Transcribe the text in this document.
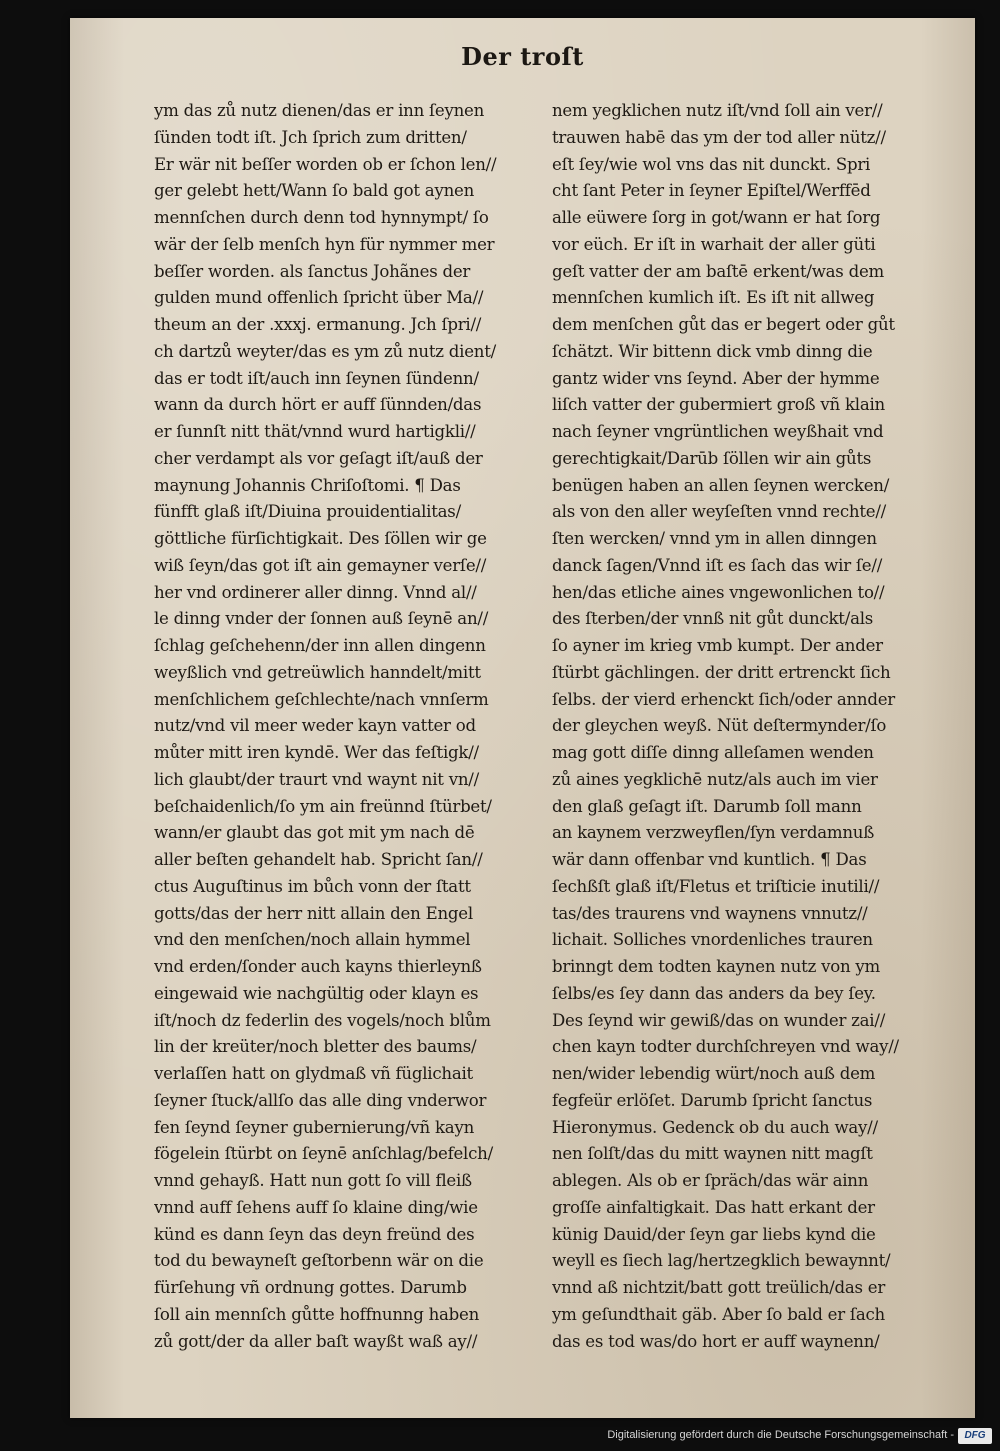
Der troſt
ym das zů nutz dienen/das er inn ſeynen
ſünden todt iſt. Jch ſprich zum dritten/
Er wär nit beſſer worden ob er ſchon len//
ger gelebt hett/Wann ſo bald got aynen
mennſchen durch denn tod hynnympt/ ſo
wär der ſelb menſch hyn für nymmer mer
beſſer worden. als ſanctus Johãnes der
gulden mund offenlich ſpricht über Ma//
theum an der .xxxj. ermanung. Jch ſpri//
ch dartzů weyter/das es ym zů nutz dient/
das er todt iſt/auch inn ſeynen ſündenn/
wann da durch hört er auff ſünnden/das
er ſunnſt nitt thät/vnnd wurd hartigkli//
cher verdampt als vor geſagt iſt/auß der
maynung Johannis Chriſoſtomi. ¶ Das
fünfft glaß iſt/Diuina prouidentialitas/
göttliche fürſichtigkait. Des ſöllen wir ge
wiß ſeyn/das got iſt ain gemayner verſe//
her vnd ordinerer aller dinng. Vnnd al//
le dinng vnder der ſonnen auß ſeynē an//
ſchlag geſchehenn/der inn allen dingenn
weyßlich vnd getreüwlich hanndelt/mitt
menſchlichem geſchlechte/nach vnnſerm
nutz/vnd vil meer weder kayn vatter od
můter mitt iren kyndē. Wer das feſtigk//
lich glaubt/der traurt vnd waynt nit vn//
beſchaidenlich/ſo ym ain freünnd ſtürbet/
wann/er glaubt das got mit ym nach dē
aller beſten gehandelt hab. Spricht ſan//
ctus Auguſtinus im bůch vonn der ſtatt
gotts/das der herr nitt allain den Engel
vnd den menſchen/noch allain hymmel
vnd erden/ſonder auch kayns thierleynß
eingewaid wie nachgültig oder klayn es
iſt/noch dz federlin des vogels/noch blům
lin der kreüter/noch bletter des baums/
verlaſſen hatt on glydmaß vñ füglichait
ſeyner ſtuck/allſo das alle ding vnderwor
fen ſeynd ſeyner gubernierung/vñ kayn
fögelein ſtürbt on ſeynē anſchlag/befelch/
vnnd gehayß. Hatt nun gott ſo vill fleiß
vnnd auff ſehens auff ſo klaine ding/wie
künd es dann ſeyn das deyn freünd des
tod du bewayneſt geſtorbenn wär on die
fürſehung vñ ordnung gottes. Darumb
ſoll ain mennſch gůtte hoffnunng haben
zů gott/der da aller baſt wayßt waß ay//
nem yegklichen nutz iſt/vnd ſoll ain ver//
trauwen habē das ym der tod aller nütz//
eſt ſey/wie wol vns das nit dunckt. Spri
cht ſant Peter in ſeyner Epiſtel/Werffēd
alle eüwere ſorg in got/wann er hat ſorg
vor eüch. Er iſt in warhait der aller güti
geſt vatter der am baſtē erkent/was dem
mennſchen kumlich iſt. Es iſt nit allweg
dem menſchen gůt das er begert oder gůt
ſchätzt. Wir bittenn dick vmb dinng die
gantz wider vns ſeynd. Aber der hymme
liſch vatter der gubermiert groß vñ klain
nach ſeyner vngrüntlichen weyßhait vnd
gerechtigkait/Darūb ſöllen wir ain gůts
benügen haben an allen ſeynen wercken/
als von den aller weyſeſten vnnd rechte//
ſten wercken/ vnnd ym in allen dinngen
danck ſagen/Vnnd iſt es ſach das wir ſe//
hen/das etliche aines vngewonlichen to//
des ſterben/der vnnß nit gůt dunckt/als
ſo ayner im krieg vmb kumpt. Der ander
ſtürbt gächlingen. der dritt ertrenckt ſich
ſelbs. der vierd erhenckt ſich/oder annder
der gleychen weyß. Nüt deſtermynder/ſo
mag gott diſſe dinng alleſamen wenden
zů aines yegklichē nutz/als auch im vier
den glaß geſagt iſt. Darumb ſoll mann
an kaynem verzweyflen/ſyn verdamnuß
wär dann offenbar vnd kuntlich. ¶ Das
ſechßſt glaß iſt/Fletus et triſticie inutili//
tas/des traurens vnd waynens vnnutz//
lichait. Solliches vnordenliches trauren
brinngt dem todten kaynen nutz von ym
ſelbs/es ſey dann das anders da bey ſey.
Des ſeynd wir gewiß/das on wunder zai//
chen kayn todter durchſchreyen vnd way//
nen/wider lebendig würt/noch auß dem
fegfeür erlöſet. Darumb ſpricht ſanctus
Hieronymus. Gedenck ob du auch way//
nen ſolſt/das du mitt waynen nitt magſt
ablegen. Als ob er ſpräch/das wär ainn
groſſe ainfaltigkait. Das hatt erkant der
künig Dauid/der ſeyn gar liebs kynd die
weyll es ſiech lag/hertzegklich bewaynnt/
vnnd aß nichtzit/batt gott treülich/das er
ym geſundthait gäb. Aber ſo bald er ſach
das es tod was/do hort er auff waynenn/
Digitalisierung gefördert durch die Deutsche Forschungsgemeinschaft -	DFG
